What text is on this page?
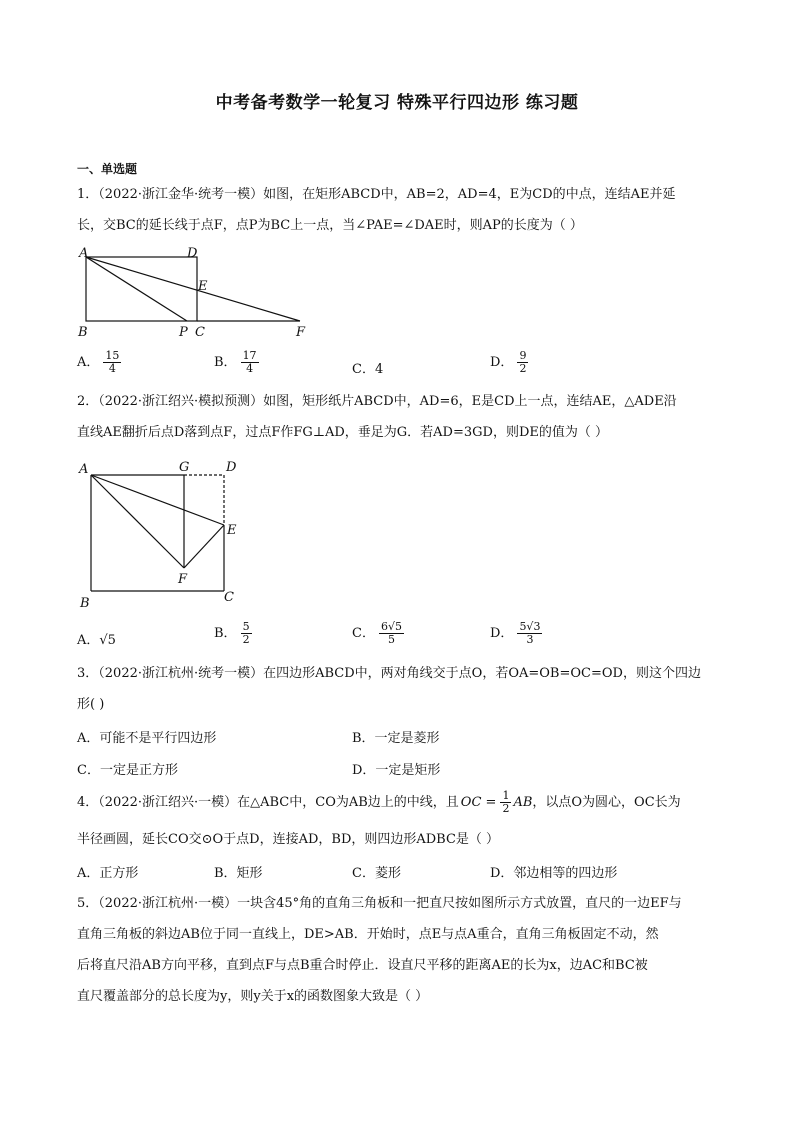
中考备考数学一轮复习 特殊平行四边形 练习题
一、单选题
1．（2022·浙江金华·统考一模）如图，在矩形ABCD中，AB=2，AD=4，E为CD的中点，连结AE并延
长，交BC的延长线于点F，点P为BC上一点，当∠PAE=∠DAE时，则AP的长度为（ ）
A	D
E
B	P C	F
A． $\frac{15}{4}$	B． $\frac{17}{4}$	C．4	D． $\frac{9}{2}$
2．（2022·浙江绍兴·模拟预测）如图，矩形纸片ABCD中，AD=6，E是CD上一点，连结AE，△ADE沿
直线AE翻折后点D落到点F，过点F作FG⊥AD，垂足为G．若AD=3GD，则DE的值为（ ）
A	G	D
E
F
B	C
A．√5	B． $\frac{5}{2}$	C． $\frac{6√5}{5}$	D． $\frac{5√3}{3}$
3．（2022·浙江杭州·统考一模）在四边形ABCD中，两对角线交于点O，若OA=OB=OC=OD，则这个四边
形( )
A．可能不是平行四边形	B．一定是菱形
C．一定是正方形	D．一定是矩形
4．（2022·浙江绍兴·一模）在△ABC中，CO为AB边上的中线，且 OC = $\frac{1}{2}$ AB，以点O为圆心，OC长为
半径画圆，延长CO交⊙O于点D，连接AD，BD，则四边形ADBC是（ ）
A．正方形	B．矩形	C．菱形	D．邻边相等的四边形
5．（2022·浙江杭州·一模）一块含45°角的直角三角板和一把直尺按如图所示方式放置，直尺的一边EF与
直角三角板的斜边AB位于同一直线上，DE>AB．开始时，点E与点A重合，直角三角板固定不动，然
后将直尺沿AB方向平移，直到点F与点B重合时停止．设直尺平移的距离AE的长为x，边AC和BC被
直尺覆盖部分的总长度为y，则y关于x的函数图象大致是（ ）
